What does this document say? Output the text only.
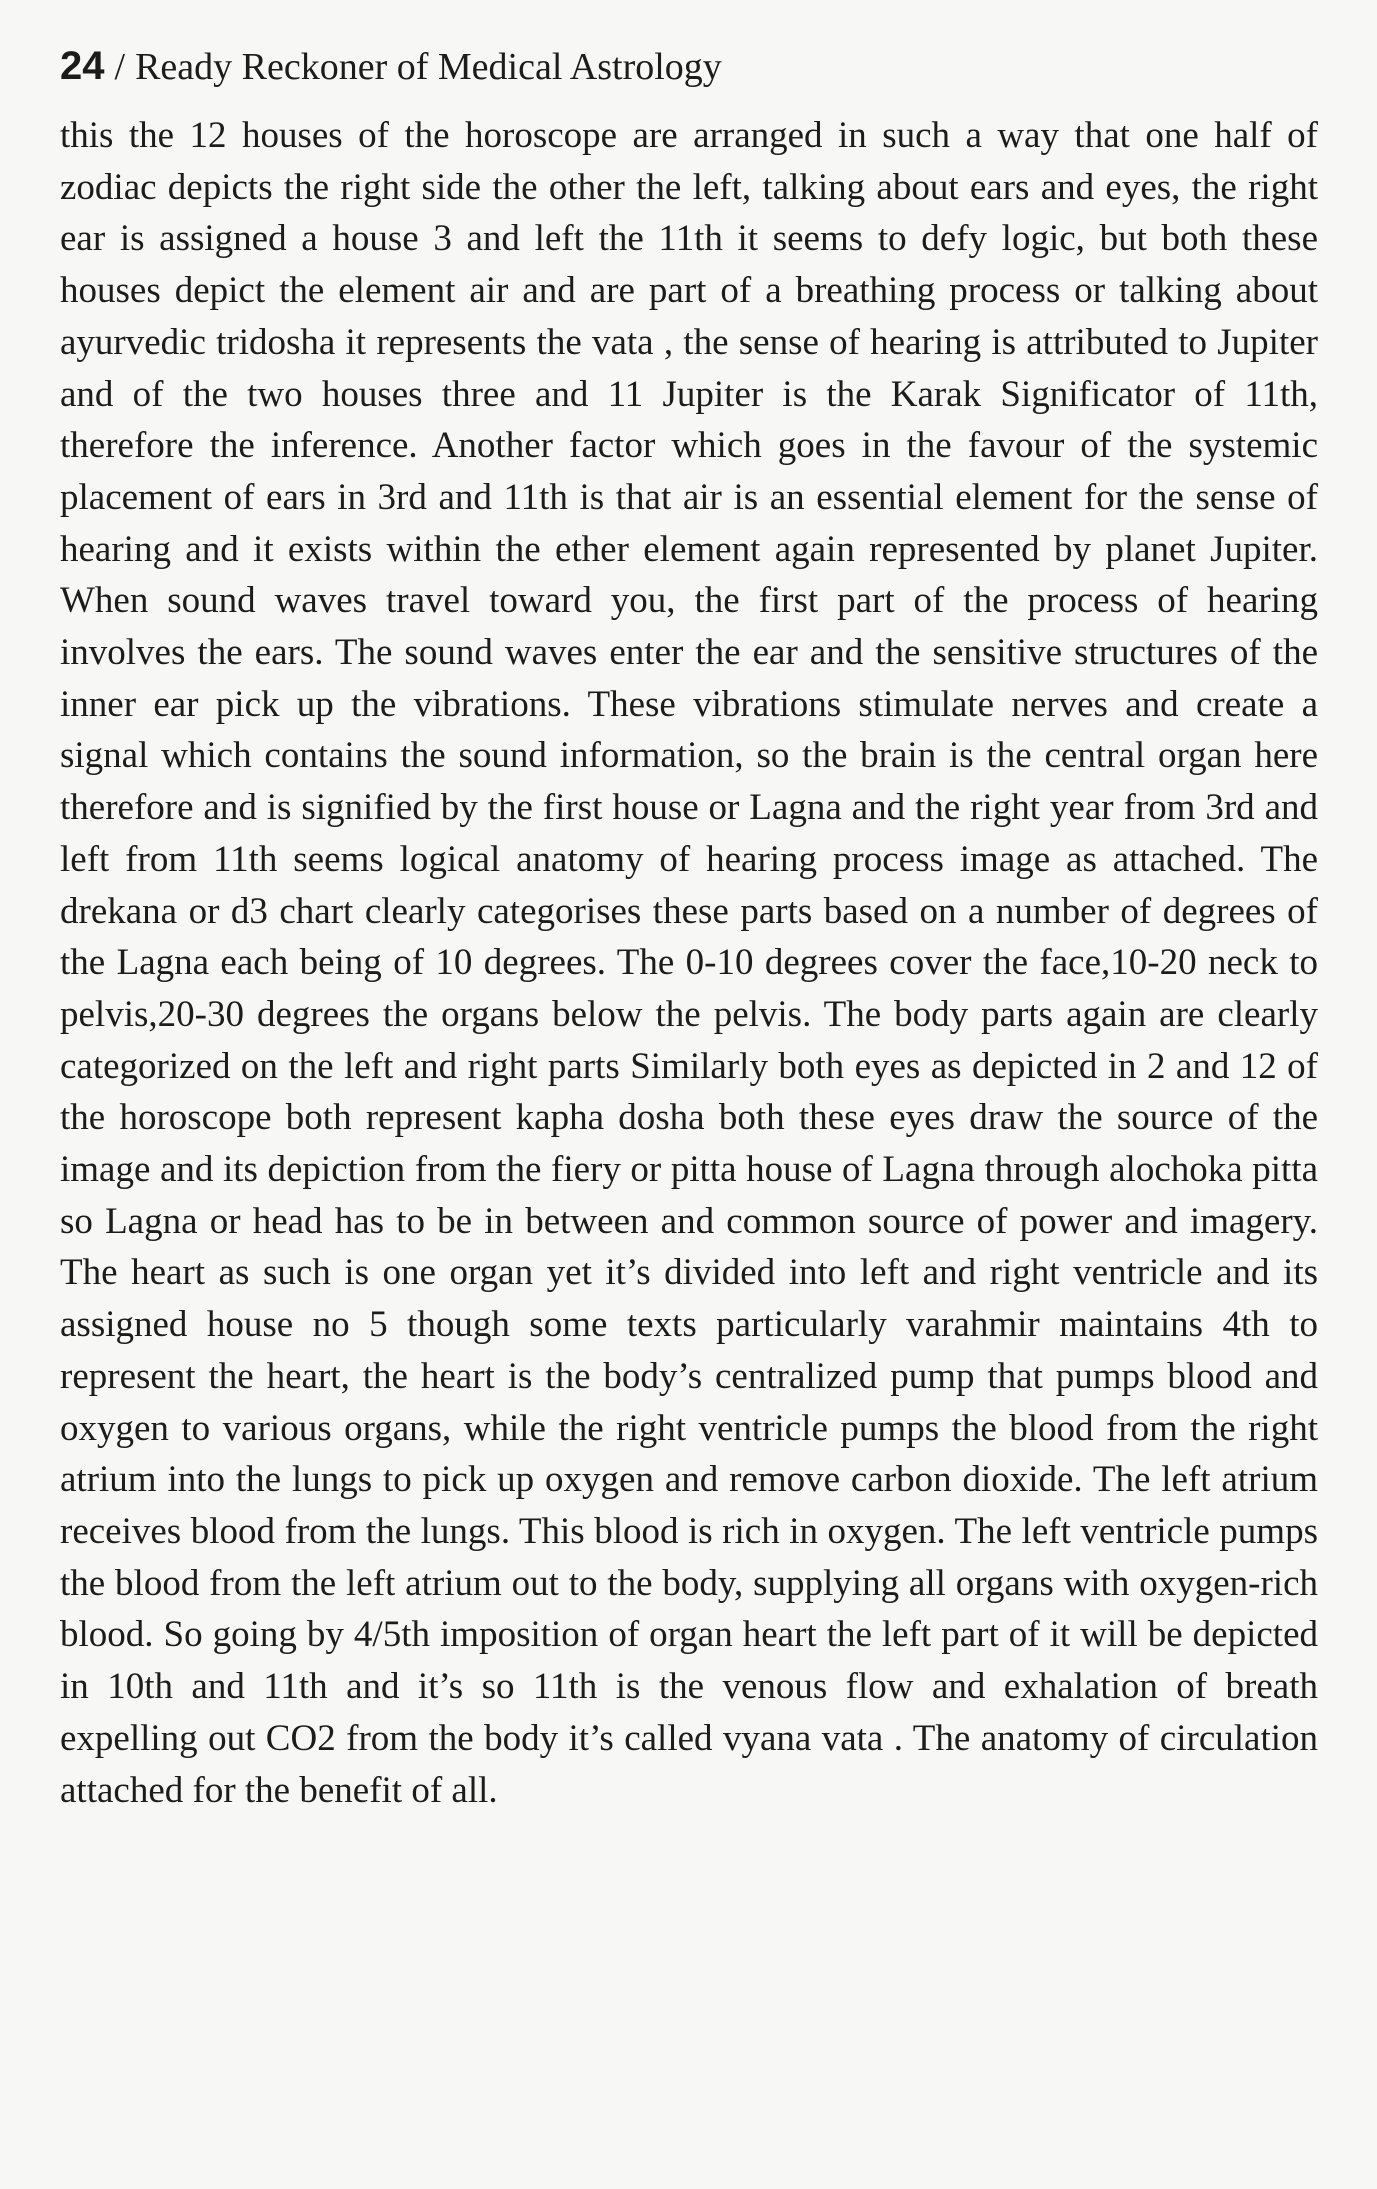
24 / Ready Reckoner of Medical Astrology

this the 12 houses of the horoscope are arranged in such a way that one half of zodiac depicts the right side the other the left, talking about ears and eyes, the right ear is assigned a house 3 and left the 11th it seems to defy logic, but both these houses depict the element air and are part of a breathing process or talking about ayurvedic tridosha it represents the vata , the sense of hearing is attributed to Jupiter and of the two houses three and 11 Jupiter is the Karak Significator of 11th, therefore the inference. Another factor which goes in the favour of the systemic placement of ears in 3rd and 11th is that air is an essential element for the sense of hearing and it exists within the ether element again represented by planet Jupiter. When sound waves travel toward you, the first part of the process of hearing involves the ears. The sound waves enter the ear and the sensitive structures of the inner ear pick up the vibrations. These vibrations stimulate nerves and create a signal which contains the sound information, so the brain is the central organ here therefore and is signified by the first house or Lagna and the right year from 3rd and left from 11th seems logical anatomy of hearing process image as attached. The drekana or d3 chart clearly categorises these parts based on a number of degrees of the Lagna each being of 10 degrees. The 0-10 degrees cover the face,10-20 neck to pelvis,20-30 degrees the organs below the pelvis. The body parts again are clearly categorized on the left and right parts Similarly both eyes as depicted in 2 and 12 of the horoscope both represent kapha dosha both these eyes draw the source of the image and its depiction from the fiery or pitta house of Lagna through alochoka pitta so Lagna or head has to be in between and common source of power and imagery. The heart as such is one organ yet it’s divided into left and right ventricle and its assigned house no 5 though some texts particularly varahmir maintains 4th to represent the heart, the heart is the body’s centralized pump that pumps blood and oxygen to various organs, while the right ventricle pumps the blood from the right atrium into the lungs to pick up oxygen and remove carbon dioxide. The left atrium receives blood from the lungs. This blood is rich in oxygen. The left ventricle pumps the blood from the left atrium out to the body, supplying all organs with oxygen-rich blood. So going by 4/5th imposition of organ heart the left part of it will be depicted in 10th and 11th and it’s so 11th is the venous flow and exhalation of breath expelling out CO2 from the body it’s called vyana vata . The anatomy of circulation attached for the benefit of all.
